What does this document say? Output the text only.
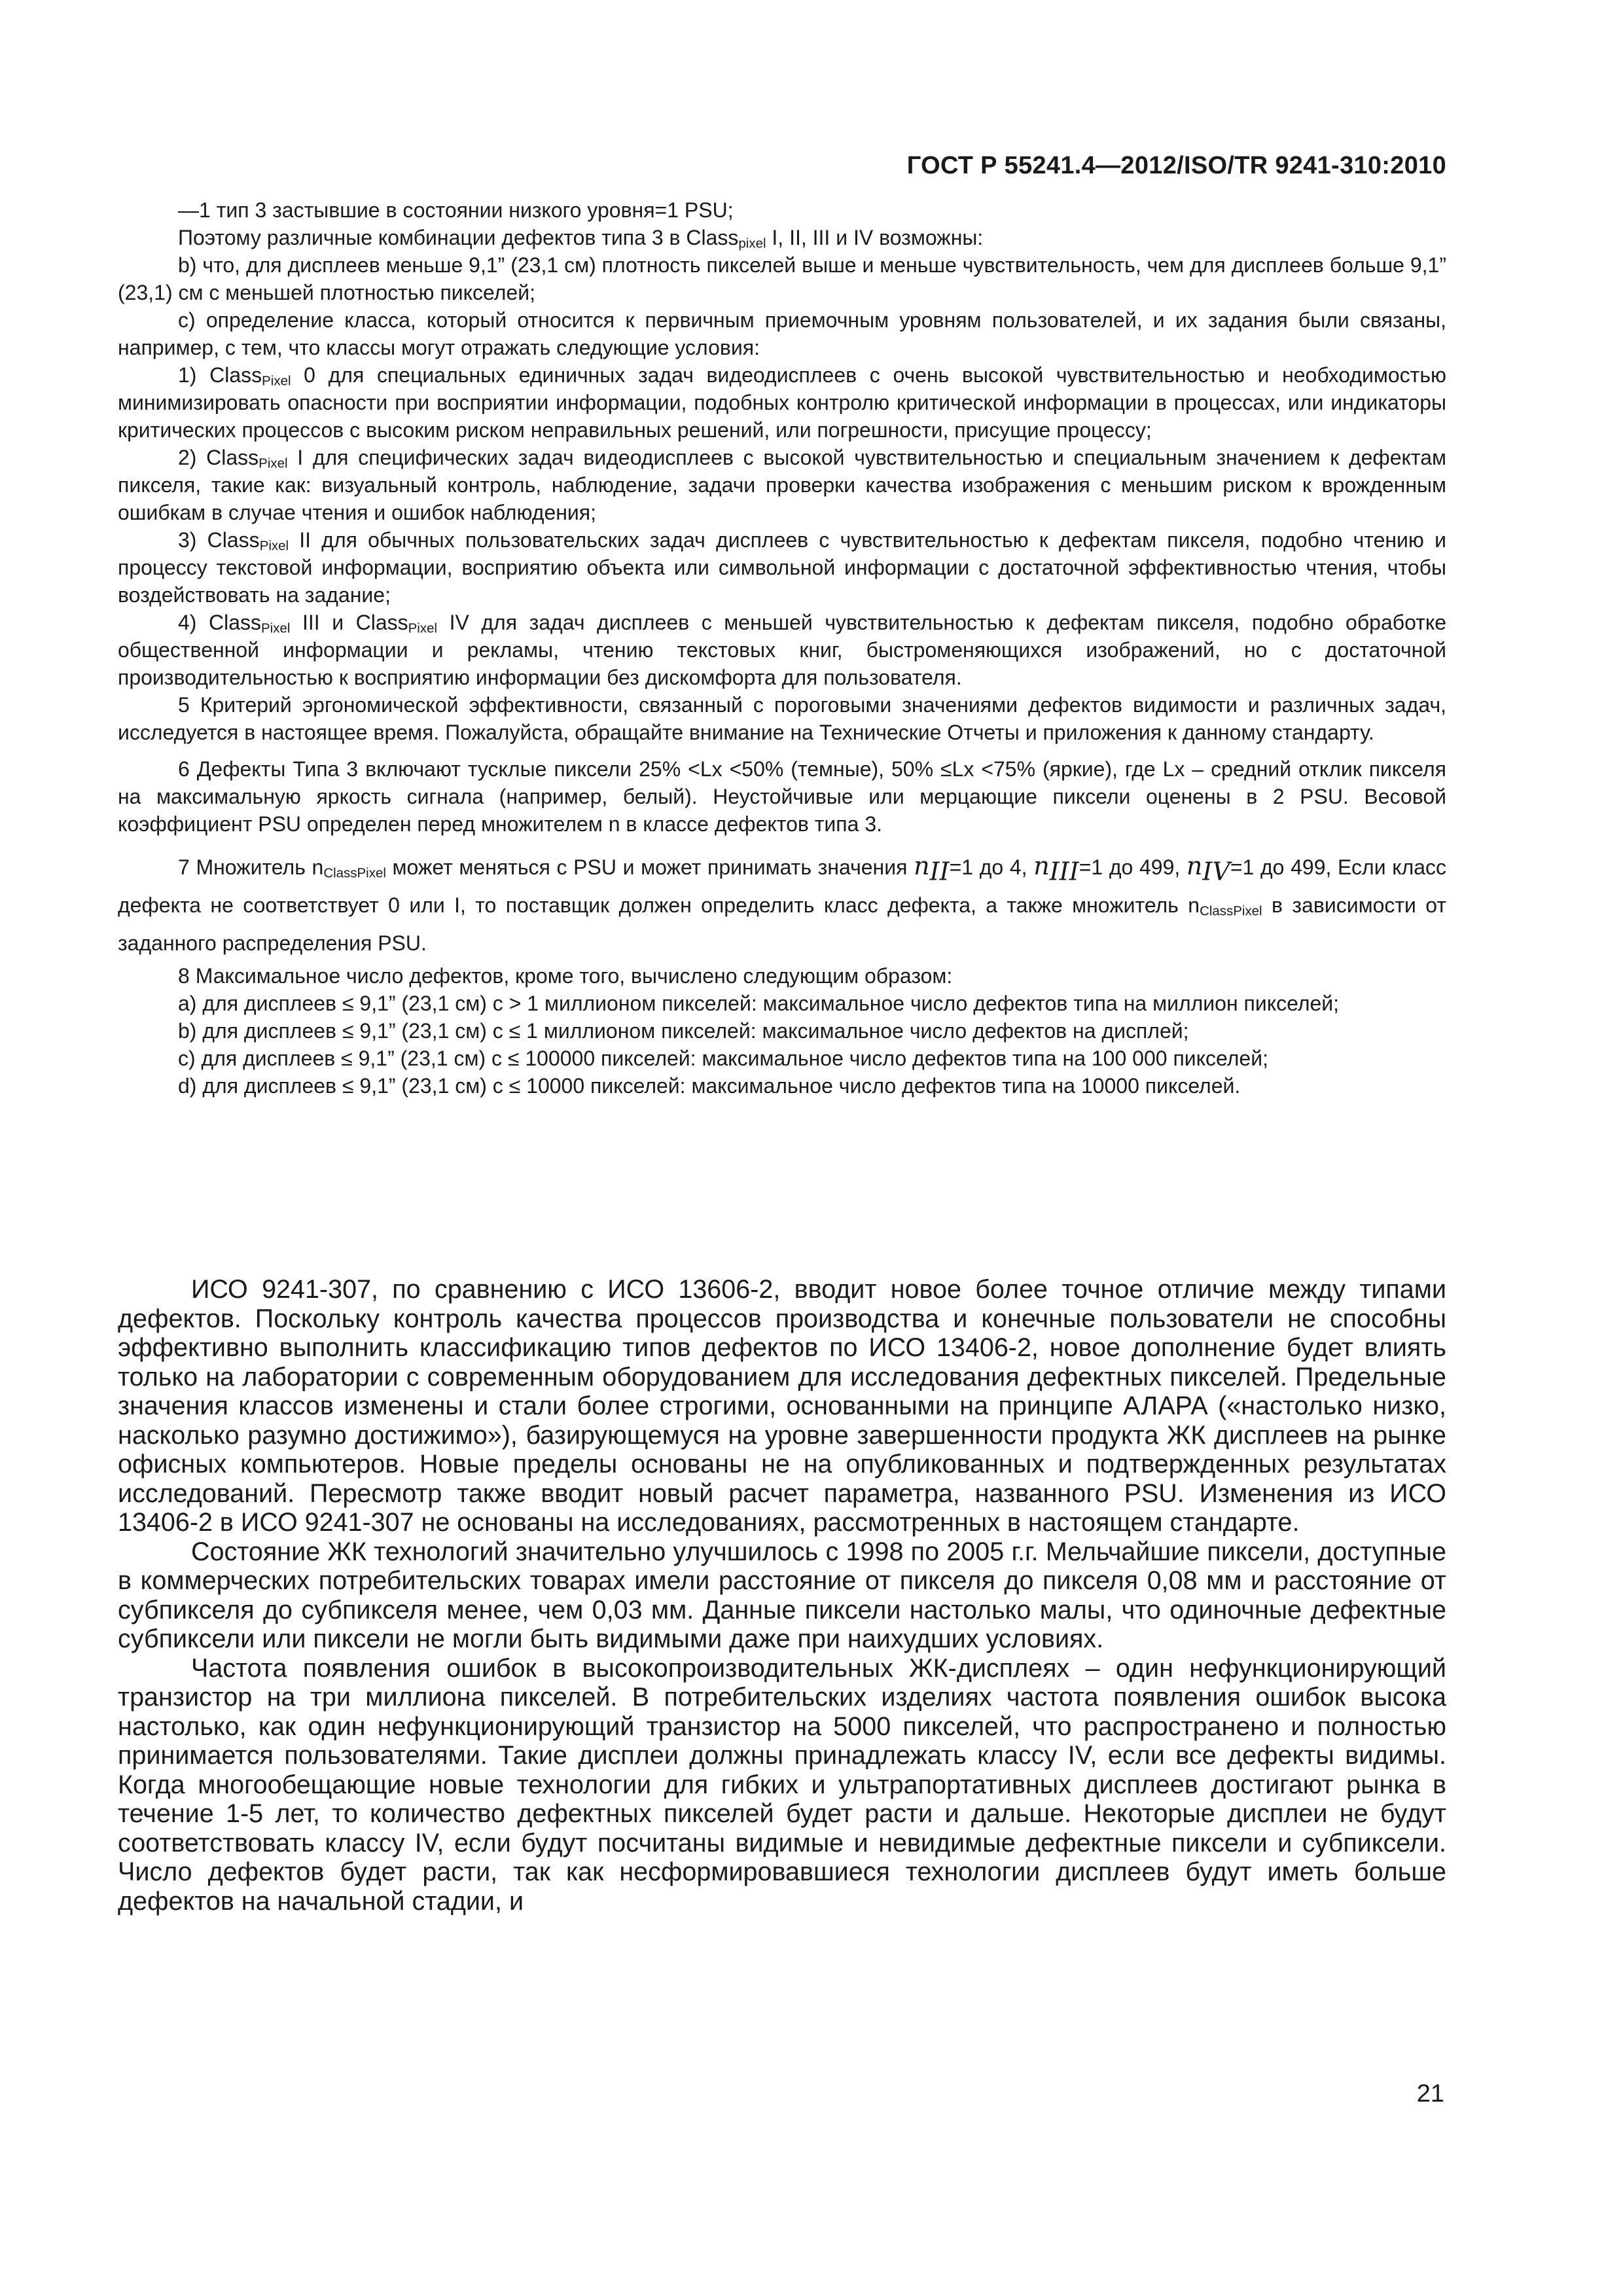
ГОСТ Р 55241.4—2012/ISO/TR 9241-310:2010

—1 тип 3 застывшие в состоянии низкого уровня=1 PSU;

Поэтому различные комбинации дефектов типа 3 в Class$_{pixel}$ I, II, III и IV возможны:

b) что, для дисплеев меньше 9,1” (23,1 см) плотность пикселей выше и меньше чувствительность, чем для дисплеев больше 9,1” (23,1) см с меньшей плотностью пикселей;

c) определение класса, который относится к первичным приемочным уровням пользователей, и их задания были связаны, например, с тем, что классы могут отражать следующие условия:

1) Class$_{Pixel}$ 0 для специальных единичных задач видеодисплеев с очень высокой чувствительностью и необходимостью минимизировать опасности при восприятии информации, подобных контролю критической информации в процессах, или индикаторы критических процессов с высоким риском неправильных решений, или погрешности, присущие процессу;

2) Class$_{Pixel}$ I для специфических задач видеодисплеев с высокой чувствительностью и специальным значением к дефектам пикселя, такие как: визуальный контроль, наблюдение, задачи проверки качества изображения с меньшим риском к врожденным ошибкам в случае чтения и ошибок наблюдения;

3) Class$_{Pixel}$ II для обычных пользовательских задач дисплеев с чувствительностью к дефектам пикселя, подобно чтению и процессу текстовой информации, восприятию объекта или символьной информации с достаточной эффективностью чтения, чтобы воздействовать на задание;

4) Class$_{Pixel}$ III и Class$_{Pixel}$ IV для задач дисплеев с меньшей чувствительностью к дефектам пикселя, подобно обработке общественной информации и рекламы, чтению текстовых книг, быстроменяющихся изображений, но с достаточной производительностью к восприятию информации без дискомфорта для пользователя.

5 Критерий эргономической эффективности, связанный с пороговыми значениями дефектов видимости и различных задач, исследуется в настоящее время. Пожалуйста, обращайте внимание на Технические Отчеты и приложения к данному стандарту.

6 Дефекты Типа 3 включают тусклые пиксели 25% <Lx <50% (темные), 50% ≤Lx <75% (яркие), где Lx – средний отклик пикселя на максимальную яркость сигнала (например, белый). Неустойчивые или мерцающие пиксели оценены в 2 PSU. Весовой коэффициент PSU определен перед множителем n в классе дефектов типа 3.

7 Множитель $n_{ClassPixel}$ может меняться с PSU и может принимать значения $n_{II}=1$ до 4, $n_{III}=1$ до 499, $n_{IV}=1$ до 499, Если класс дефекта не соответствует 0 или I, то поставщик должен определить класс дефекта, а также множитель $n_{ClassPixel}$ в зависимости от заданного распределения PSU.

8 Максимальное число дефектов, кроме того, вычислено следующим образом:

a) для дисплеев ≤ 9,1” (23,1 см) с > 1 миллионом пикселей: максимальное число дефектов типа на миллион пикселей;

b) для дисплеев ≤ 9,1” (23,1 см) с ≤ 1 миллионом пикселей: максимальное число дефектов на дисплей;

c) для дисплеев ≤ 9,1” (23,1 см) с ≤ 100000 пикселей: максимальное число дефектов типа на 100 000 пикселей;

d) для дисплеев ≤ 9,1” (23,1 см) с ≤ 10000 пикселей: максимальное число дефектов типа на 10000 пикселей.

ИСО 9241-307, по сравнению с ИСО 13606-2, вводит новое более точное отличие между типами дефектов. Поскольку контроль качества процессов производства и конечные пользователи не способны эффективно выполнить классификацию типов дефектов по ИСО 13406-2, новое дополнение будет влиять только на лаборатории с современным оборудованием для исследования дефектных пикселей. Предельные значения классов изменены и стали более строгими, основанными на принципе АЛАРА («настолько низко, насколько разумно достижимо»), базирующемуся на уровне завершенности продукта ЖК дисплеев на рынке офисных компьютеров. Новые пределы основаны не на опубликованных и подтвержденных результатах исследований. Пересмотр также вводит новый расчет параметра, названного PSU. Изменения из ИСО 13406-2 в ИСО 9241-307 не основаны на исследованиях, рассмотренных в настоящем стандарте.

Состояние ЖК технологий значительно улучшилось с 1998 по 2005 г.г. Мельчайшие пиксели, доступные в коммерческих потребительских товарах имели расстояние от пикселя до пикселя 0,08 мм и расстояние от субпикселя до субпикселя менее, чем 0,03 мм. Данные пиксели настолько малы, что одиночные дефектные субпиксели или пиксели не могли быть видимыми даже при наихудших условиях.

Частота появления ошибок в высокопроизводительных ЖК-дисплеях – один нефункционирующий транзистор на три миллиона пикселей. В потребительских изделиях частота появления ошибок высока настолько, как один нефункционирующий транзистор на 5000 пикселей, что распространено и полностью принимается пользователями. Такие дисплеи должны принадлежать классу IV, если все дефекты видимы. Когда многообещающие новые технологии для гибких и ультрапортативных дисплеев достигают рынка в течение 1-5 лет, то количество дефектных пикселей будет расти и дальше. Некоторые дисплеи не будут соответствовать классу IV, если будут посчитаны видимые и невидимые дефектные пиксели и субпиксели. Число дефектов будет расти, так как несформировавшиеся технологии дисплеев будут иметь больше дефектов на начальной стадии, и

21
